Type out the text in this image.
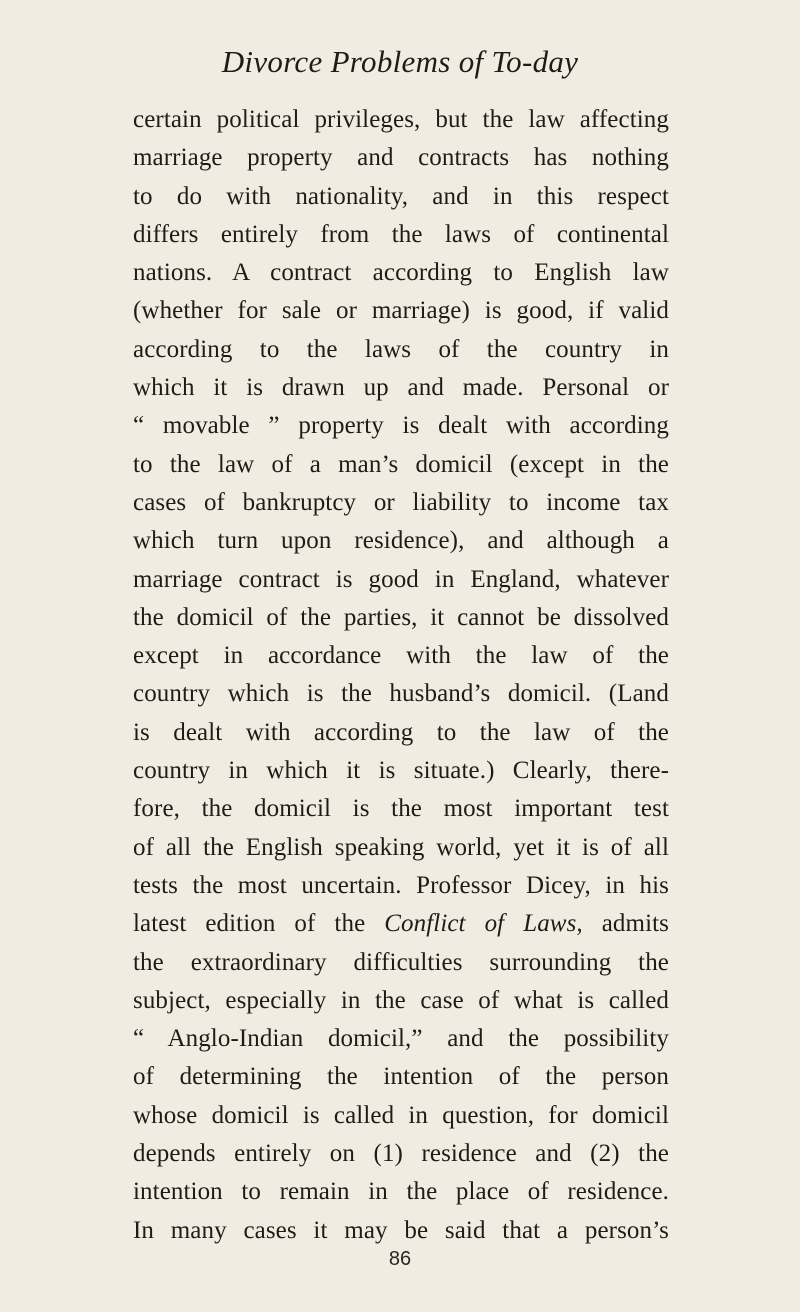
Divorce Problems of To-day
certain political privileges, but the law affecting
marriage property and contracts has nothing
to do with nationality, and in this respect
differs entirely from the laws of continental
nations. A contract according to English law
(whether for sale or marriage) is good, if valid
according to the laws of the country in
which it is drawn up and made. Personal or
“ movable ” property is dealt with according
to the law of a man’s domicil (except in the
cases of bankruptcy or liability to income tax
which turn upon residence), and although a
marriage contract is good in England, whatever
the domicil of the parties, it cannot be dissolved
except in accordance with the law of the
country which is the husband’s domicil. (Land
is dealt with according to the law of the
country in which it is situate.) Clearly, there-
fore, the domicil is the most important test
of all the English speaking world, yet it is of all
tests the most uncertain. Professor Dicey, in his
latest edition of the Conflict of Laws, admits
the extraordinary difficulties surrounding the
subject, especially in the case of what is called
“ Anglo-Indian domicil,” and the possibility
of determining the intention of the person
whose domicil is called in question, for domicil
depends entirely on (1) residence and (2) the
intention to remain in the place of residence.
In many cases it may be said that a person’s
86
